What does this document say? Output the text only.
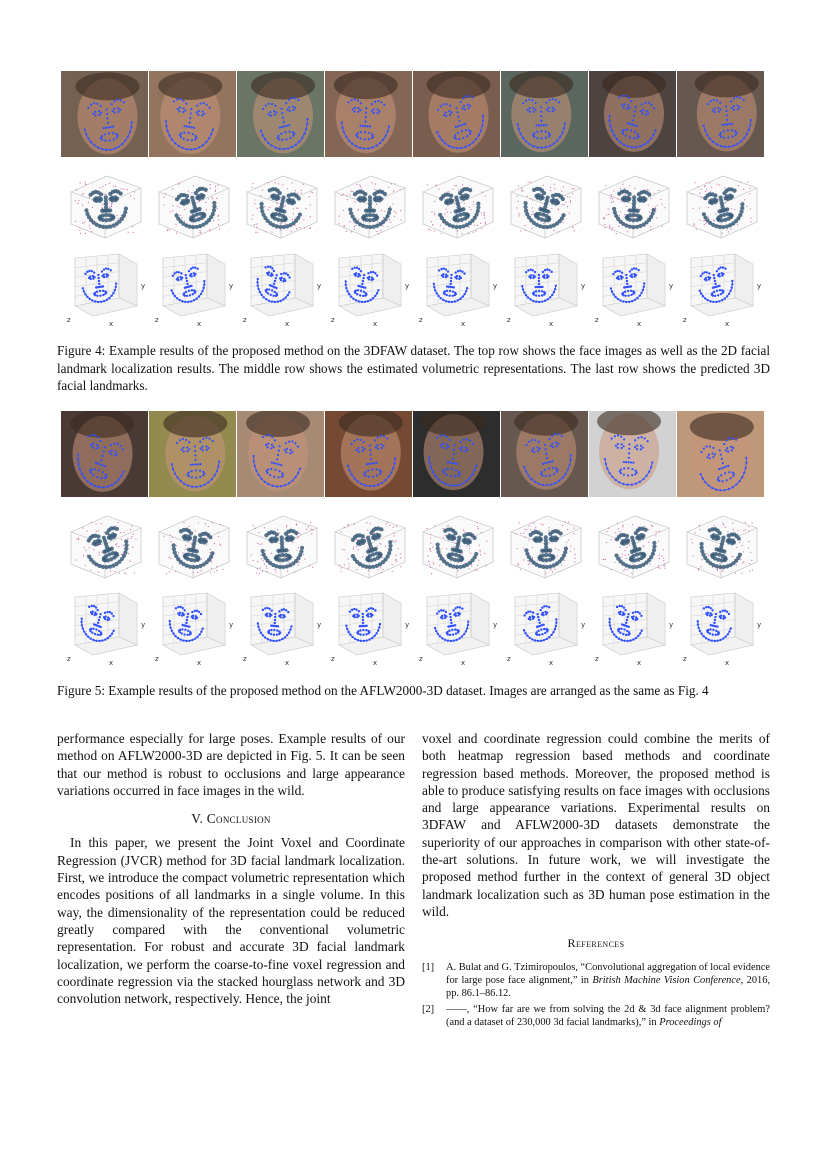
y
x
z
y
x
z
y
x
z
y
x
z
y
x
z
y
x
z
y
x
z
y
x
z

Figure 4: Example results of the proposed method on the 3DFAW dataset. The top row shows the face images as well as the 2D facial landmark localization results. The middle row shows the estimated volumetric representations. The last row shows the predicted 3D facial landmarks.

y
x
z
y
x
z
y
x
z
y
x
z
y
x
z
y
x
z
y
x
z
y
x
z

Figure 5: Example results of the proposed method on the AFLW2000-3D dataset. Images are arranged as the same as Fig. 4

performance especially for large poses. Example results of our method on AFLW2000-3D are depicted in Fig. 5. It can be seen that our method is robust to occlusions and large appearance variations occurred in face images in the wild.

V. Conclusion

In this paper, we present the Joint Voxel and Coordinate Regression (JVCR) method for 3D facial landmark localization. First, we introduce the compact volumetric representation which encodes positions of all landmarks in a single volume. In this way, the dimensionality of the representation could be reduced greatly compared with the conventional volumetric representation. For robust and accurate 3D facial landmark localization, we perform the coarse-to-fine voxel regression and coordinate regression via the stacked hourglass network and 3D convolution network, respectively. Hence, the joint

voxel and coordinate regression could combine the merits of both heatmap regression based methods and coordinate regression based methods. Moreover, the proposed method is able to produce satisfying results on face images with occlusions and large appearance variations. Experimental results on 3DFAW and AFLW2000-3D datasets demonstrate the superiority of our approaches in comparison with other state-of-the-art solutions. In future work, we will investigate the proposed method further in the context of general 3D object landmark localization such as 3D human pose estimation in the wild.

References
[1]	A. Bulat and G. Tzimiropoulos, “Convolutional aggregation of local evidence for large pose face alignment,” in British Machine Vision Conference, 2016, pp. 86.1–86.12.
[2]	——, “How far are we from solving the 2d & 3d face alignment problem? (and a dataset of 230,000 3d facial landmarks),” in Proceedings of
